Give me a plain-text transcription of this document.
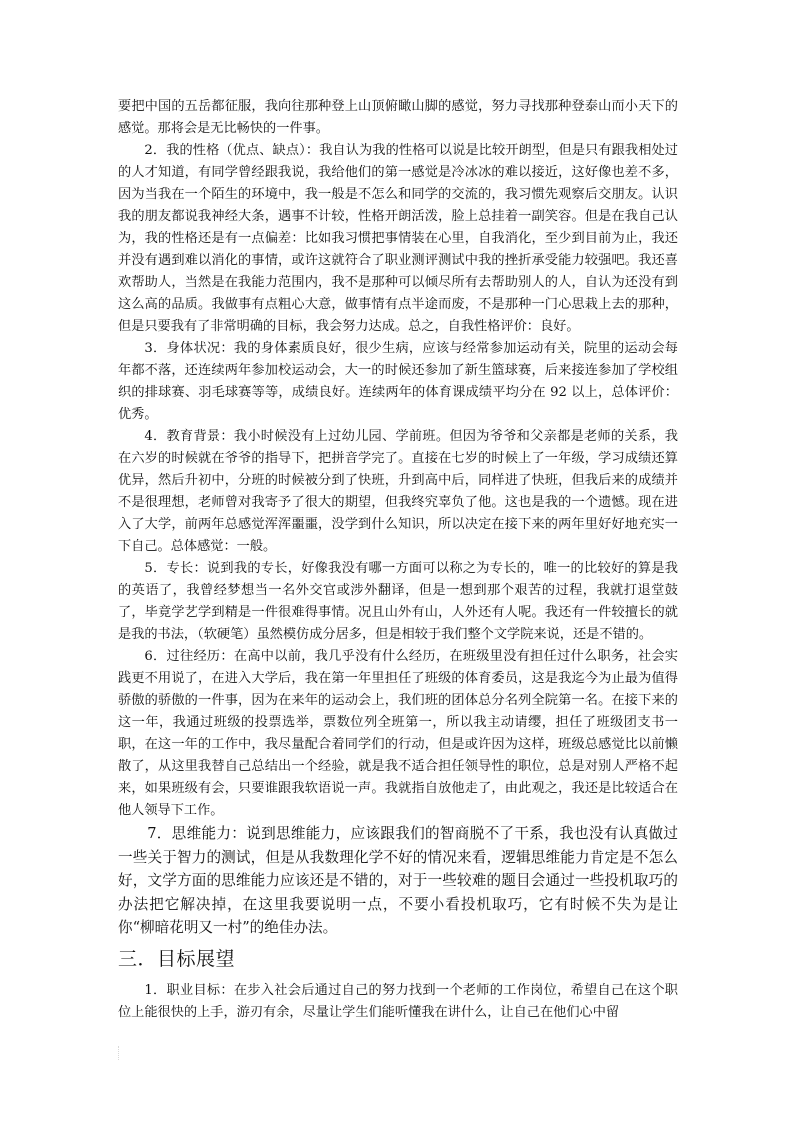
要把中国的五岳都征服，我向往那种登上山顶俯瞰山脚的感觉，努力寻找那种登泰山而小天下的感觉。那将会是无比畅快的一件事。

2．我的性格（优点、缺点）：我自认为我的性格可以说是比较开朗型，但是只有跟我相处过的人才知道，有同学曾经跟我说，我给他们的第一感觉是冷冰冰的难以接近，这好像也差不多，因为当我在一个陌生的环境中，我一般是不怎么和同学的交流的，我习惯先观察后交朋友。认识我的朋友都说我神经大条，遇事不计较，性格开朗活泼，脸上总挂着一副笑容。但是在我自己认为，我的性格还是有一点偏差：比如我习惯把事情装在心里，自我消化，至少到目前为止，我还并没有遇到难以消化的事情，或许这就符合了职业测评测试中我的挫折承受能力较强吧。我还喜欢帮助人，当然是在我能力范围内，我不是那种可以倾尽所有去帮助别人的人，自认为还没有到这么高的品质。我做事有点粗心大意，做事情有点半途而废，不是那种一门心思栽上去的那种，但是只要我有了非常明确的目标，我会努力达成。总之，自我性格评价：良好。

3．身体状况：我的身体素质良好，很少生病，应该与经常参加运动有关，院里的运动会每年都不落，还连续两年参加校运动会，大一的时候还参加了新生篮球赛，后来接连参加了学校组织的排球赛、羽毛球赛等等，成绩良好。连续两年的体育课成绩平均分在 92 以上，总体评价：优秀。

4．教育背景：我小时候没有上过幼儿园、学前班。但因为爷爷和父亲都是老师的关系，我在六岁的时候就在爷爷的指导下，把拼音学完了。直接在七岁的时候上了一年级，学习成绩还算优异，然后升初中，分班的时候被分到了快班，升到高中后，同样进了快班，但我后来的成绩并不是很理想，老师曾对我寄予了很大的期望，但我终究辜负了他。这也是我的一个遗憾。现在进入了大学，前两年总感觉浑浑噩噩，没学到什么知识，所以决定在接下来的两年里好好地充实一下自己。总体感觉：一般。

5．专长：说到我的专长，好像我没有哪一方面可以称之为专长的，唯一的比较好的算是我的英语了，我曾经梦想当一名外交官或涉外翻译，但是一想到那个艰苦的过程，我就打退堂鼓了，毕竟学艺学到精是一件很难得事情。况且山外有山，人外还有人呢。我还有一件较擅长的就是我的书法，（软硬笔）虽然模仿成分居多，但是相较于我们整个文学院来说，还是不错的。

6．过往经历：在高中以前，我几乎没有什么经历，在班级里没有担任过什么职务，社会实践更不用说了，在进入大学后，我在第一年里担任了班级的体育委员，这是我迄今为止最为值得骄傲的骄傲的一件事，因为在来年的运动会上，我们班的团体总分名列全院第一名。在接下来的这一年，我通过班级的投票选举，票数位列全班第一，所以我主动请缨，担任了班级团支书一职，在这一年的工作中，我尽量配合着同学们的行动，但是或许因为这样，班级总感觉比以前懒散了，从这里我替自己总结出一个经验，就是我不适合担任领导性的职位，总是对别人严格不起来，如果班级有会，只要谁跟我软语说一声。我就指自放他走了，由此观之，我还是比较适合在他人领导下工作。

7．思维能力：说到思维能力，应该跟我们的智商脱不了干系，我也没有认真做过一些关于智力的测试，但是从我数理化学不好的情况来看，逻辑思维能力肯定是不怎么好，文学方面的思维能力应该还是不错的，对于一些较难的题目会通过一些投机取巧的办法把它解决掉，在这里我要说明一点，不要小看投机取巧，它有时候不失为是让你“柳暗花明又一村”的绝佳办法。

三．目标展望

1．职业目标：在步入社会后通过自己的努力找到一个老师的工作岗位，希望自己在这个职位上能很快的上手，游刃有余，尽量让学生们能听懂我在讲什么，让自己在他们心中留
